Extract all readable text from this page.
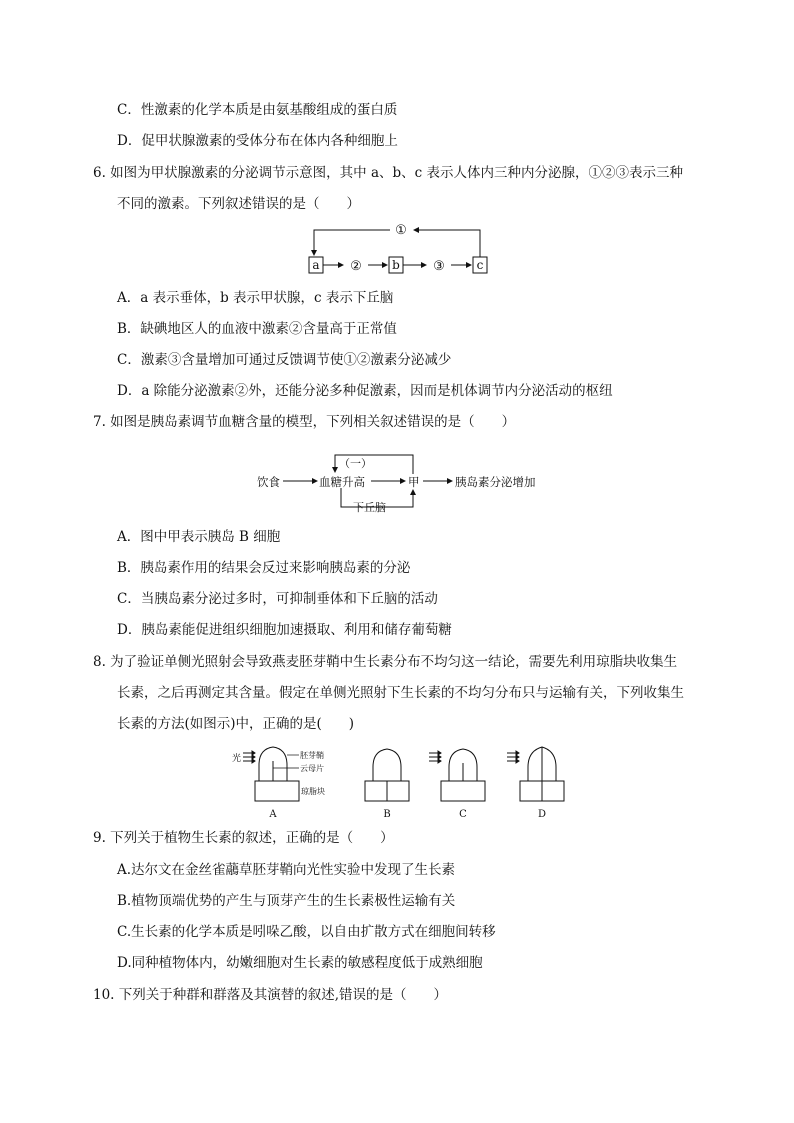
C．性激素的化学本质是由氨基酸组成的蛋白质
D．促甲状腺激素的受体分布在体内各种细胞上
6. 如图为甲状腺激素的分泌调节示意图，其中 a、b、c 表示人体内三种内分泌腺，①②③表示三种
不同的激素。下列叙述错误的是（　　）
a	b	c
②	③
①
A．a 表示垂体，b 表示甲状腺，c 表示下丘脑
B．缺碘地区人的血液中激素②含量高于正常值
C．激素③含量增加可通过反馈调节使①②激素分泌减少
D．a 除能分泌激素②外，还能分泌多种促激素，因而是机体调节内分泌活动的枢纽
7. 如图是胰岛素调节血糖含量的模型，下列相关叙述错误的是（　　）
饮食	血糖升高	甲	胰岛素分泌增加
（一）
下丘脑
A．图中甲表示胰岛 B 细胞
B．胰岛素作用的结果会反过来影响胰岛素的分泌
C．当胰岛素分泌过多时，可抑制垂体和下丘脑的活动
D．胰岛素能促进组织细胞加速摄取、利用和储存葡萄糖
8. 为了验证单侧光照射会导致燕麦胚芽鞘中生长素分布不均匀这一结论，需要先利用琼脂块收集生
长素，之后再测定其含量。假定在单侧光照射下生长素的不均匀分布只与运输有关，下列收集生
长素的方法(如图示)中，正确的是(　　)
光	胚芽鞘
云母片
琼脂块
A	B	C	D
9. 下列关于植物生长素的叙述，正确的是（　　）
A.达尔文在金丝雀虉草胚芽鞘向光性实验中发现了生长素
B.植物顶端优势的产生与顶芽产生的生长素极性运输有关
C.生长素的化学本质是吲哚乙酸，以自由扩散方式在细胞间转移
D.同种植物体内，幼嫩细胞对生长素的敏感程度低于成熟细胞
10. 下列关于种群和群落及其演替的叙述,错误的是（　　）
